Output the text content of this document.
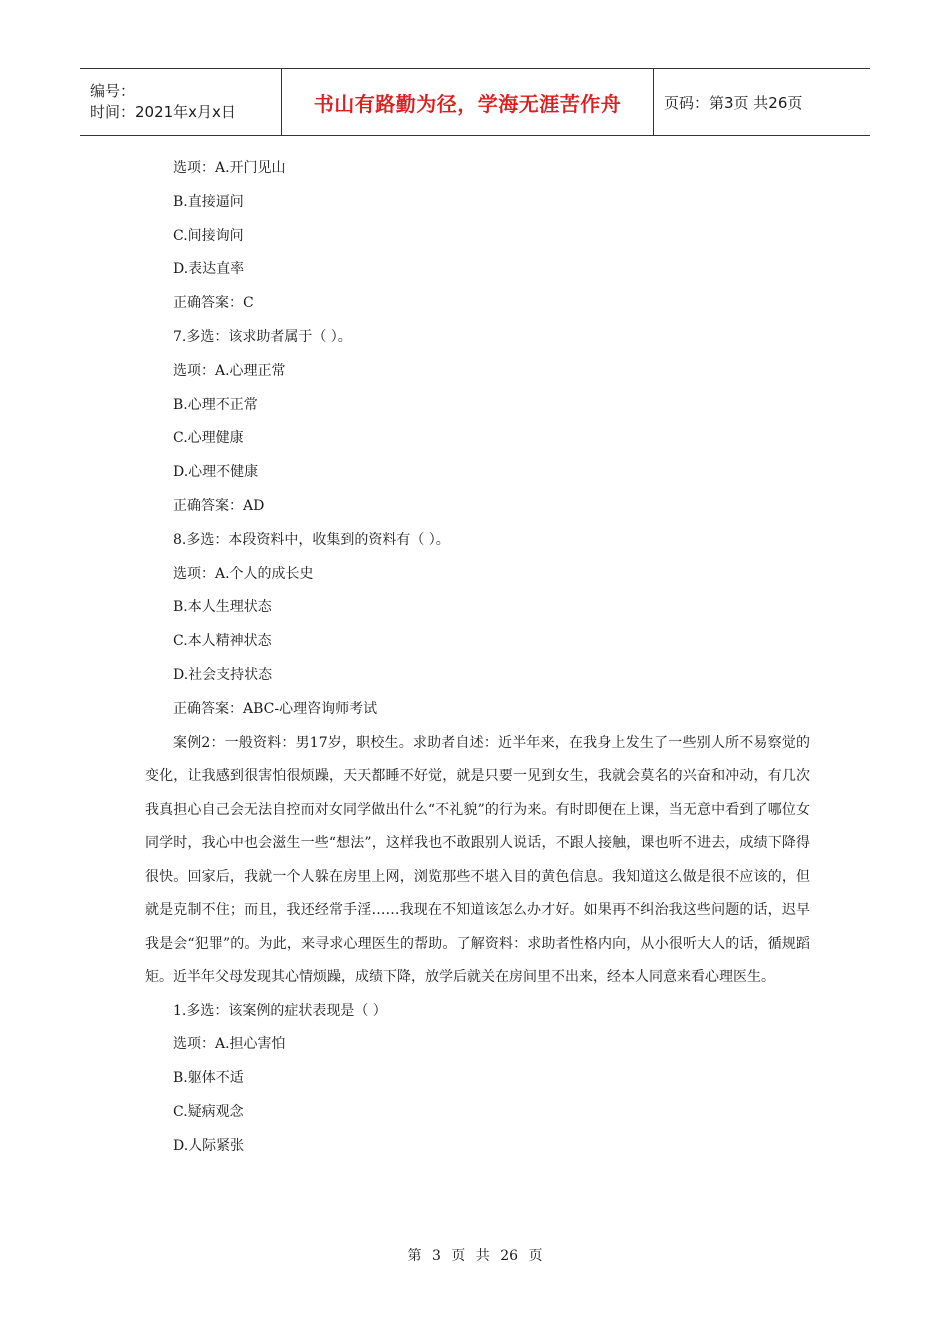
编号：
时间：2021年x月x日	书山有路勤为径，学海无涯苦作舟	页码：第3页 共26页
选项：A.开门见山
B.直接逼问
C.间接询问
D.表达直率
正确答案：C
7.多选：该求助者属于（ ）。
选项：A.心理正常
B.心理不正常
C.心理健康
D.心理不健康
正确答案：AD
8.多选：本段资料中，收集到的资料有（ ）。
选项：A.个人的成长史
B.本人生理状态
C.本人精神状态
D.社会支持状态
正确答案：ABC-心理咨询师考试

案例2：一般资料：男17岁，职校生。求助者自述：近半年来，在我身上发生了一些别人所不易察觉的变化，让我感到很害怕很烦躁，天天都睡不好觉，就是只要一见到女生，我就会莫名的兴奋和冲动，有几次我真担心自己会无法自控而对女同学做出什么“不礼貌”的行为来。有时即便在上课，当无意中看到了哪位女同学时，我心中也会滋生一些“想法”，这样我也不敢跟别人说话，不跟人接触，课也听不进去，成绩下降得很快。回家后，我就一个人躲在房里上网，浏览那些不堪入目的黄色信息。我知道这么做是很不应该的，但就是克制不住；而且，我还经常手淫……我现在不知道该怎么办才好。如果再不纠治我这些问题的话，迟早我是会“犯罪”的。为此，来寻求心理医生的帮助。了解资料：求助者性格内向，从小很听大人的话，循规蹈矩。近半年父母发现其心情烦躁，成绩下降，放学后就关在房间里不出来，经本人同意来看心理医生。

1.多选：该案例的症状表现是（ ）
选项：A.担心害怕
B.躯体不适
C.疑病观念
D.人际紧张
第 3 页 共 26 页
